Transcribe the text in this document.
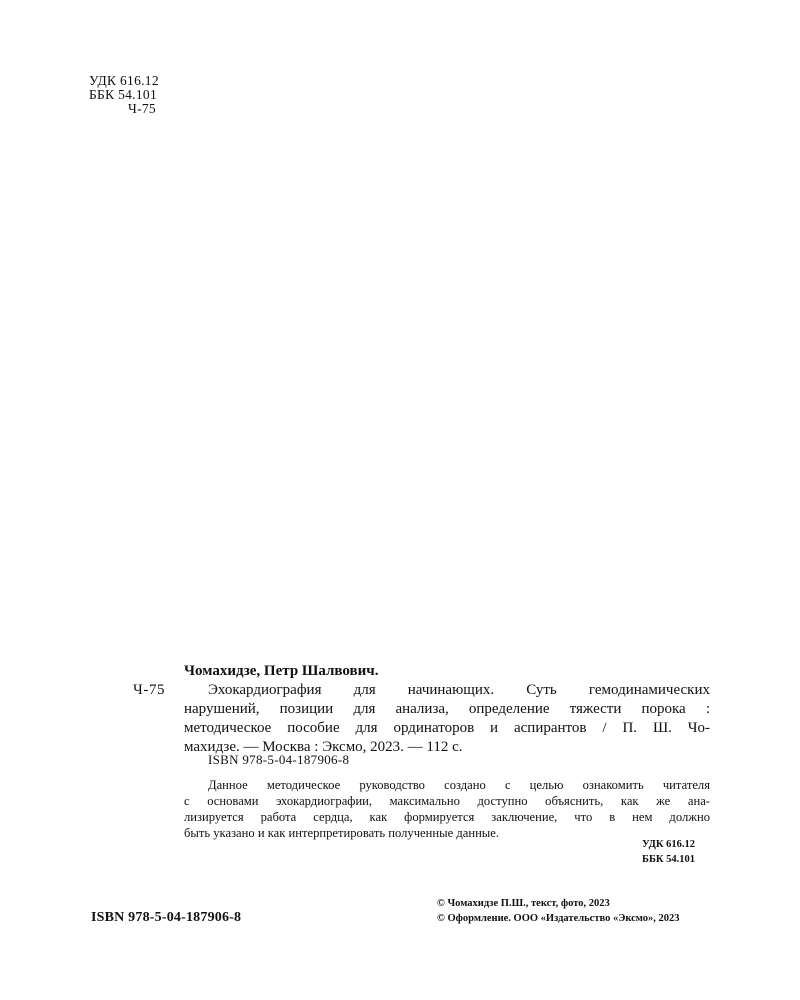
УДК 616.12
ББК 54.101
Ч-75
Чомахидзе, Петр Шалвович.
Ч-75	Эхокардиография для начинающих. Суть гемодинамических
нарушений, позиции для анализа, определение тяжести порока :
методическое пособие для ординаторов и аспирантов / П. Ш. Чо-
махидзе. — Москва : Эксмо, 2023. — 112 с.
ISBN 978-5-04-187906-8
Данное методическое руководство создано с целью ознакомить читателя
с основами эхокардиографии, максимально доступно объяснить, как же ана-
лизируется работа сердца, как формируется заключение, что в нем должно
быть указано и как интерпретировать полученные данные.
УДК 616.12
ББК 54.101
ISBN 978-5-04-187906-8
© Чомахидзе П.Ш., текст, фото, 2023
© Оформление. ООО «Издательство «Эксмо», 2023
